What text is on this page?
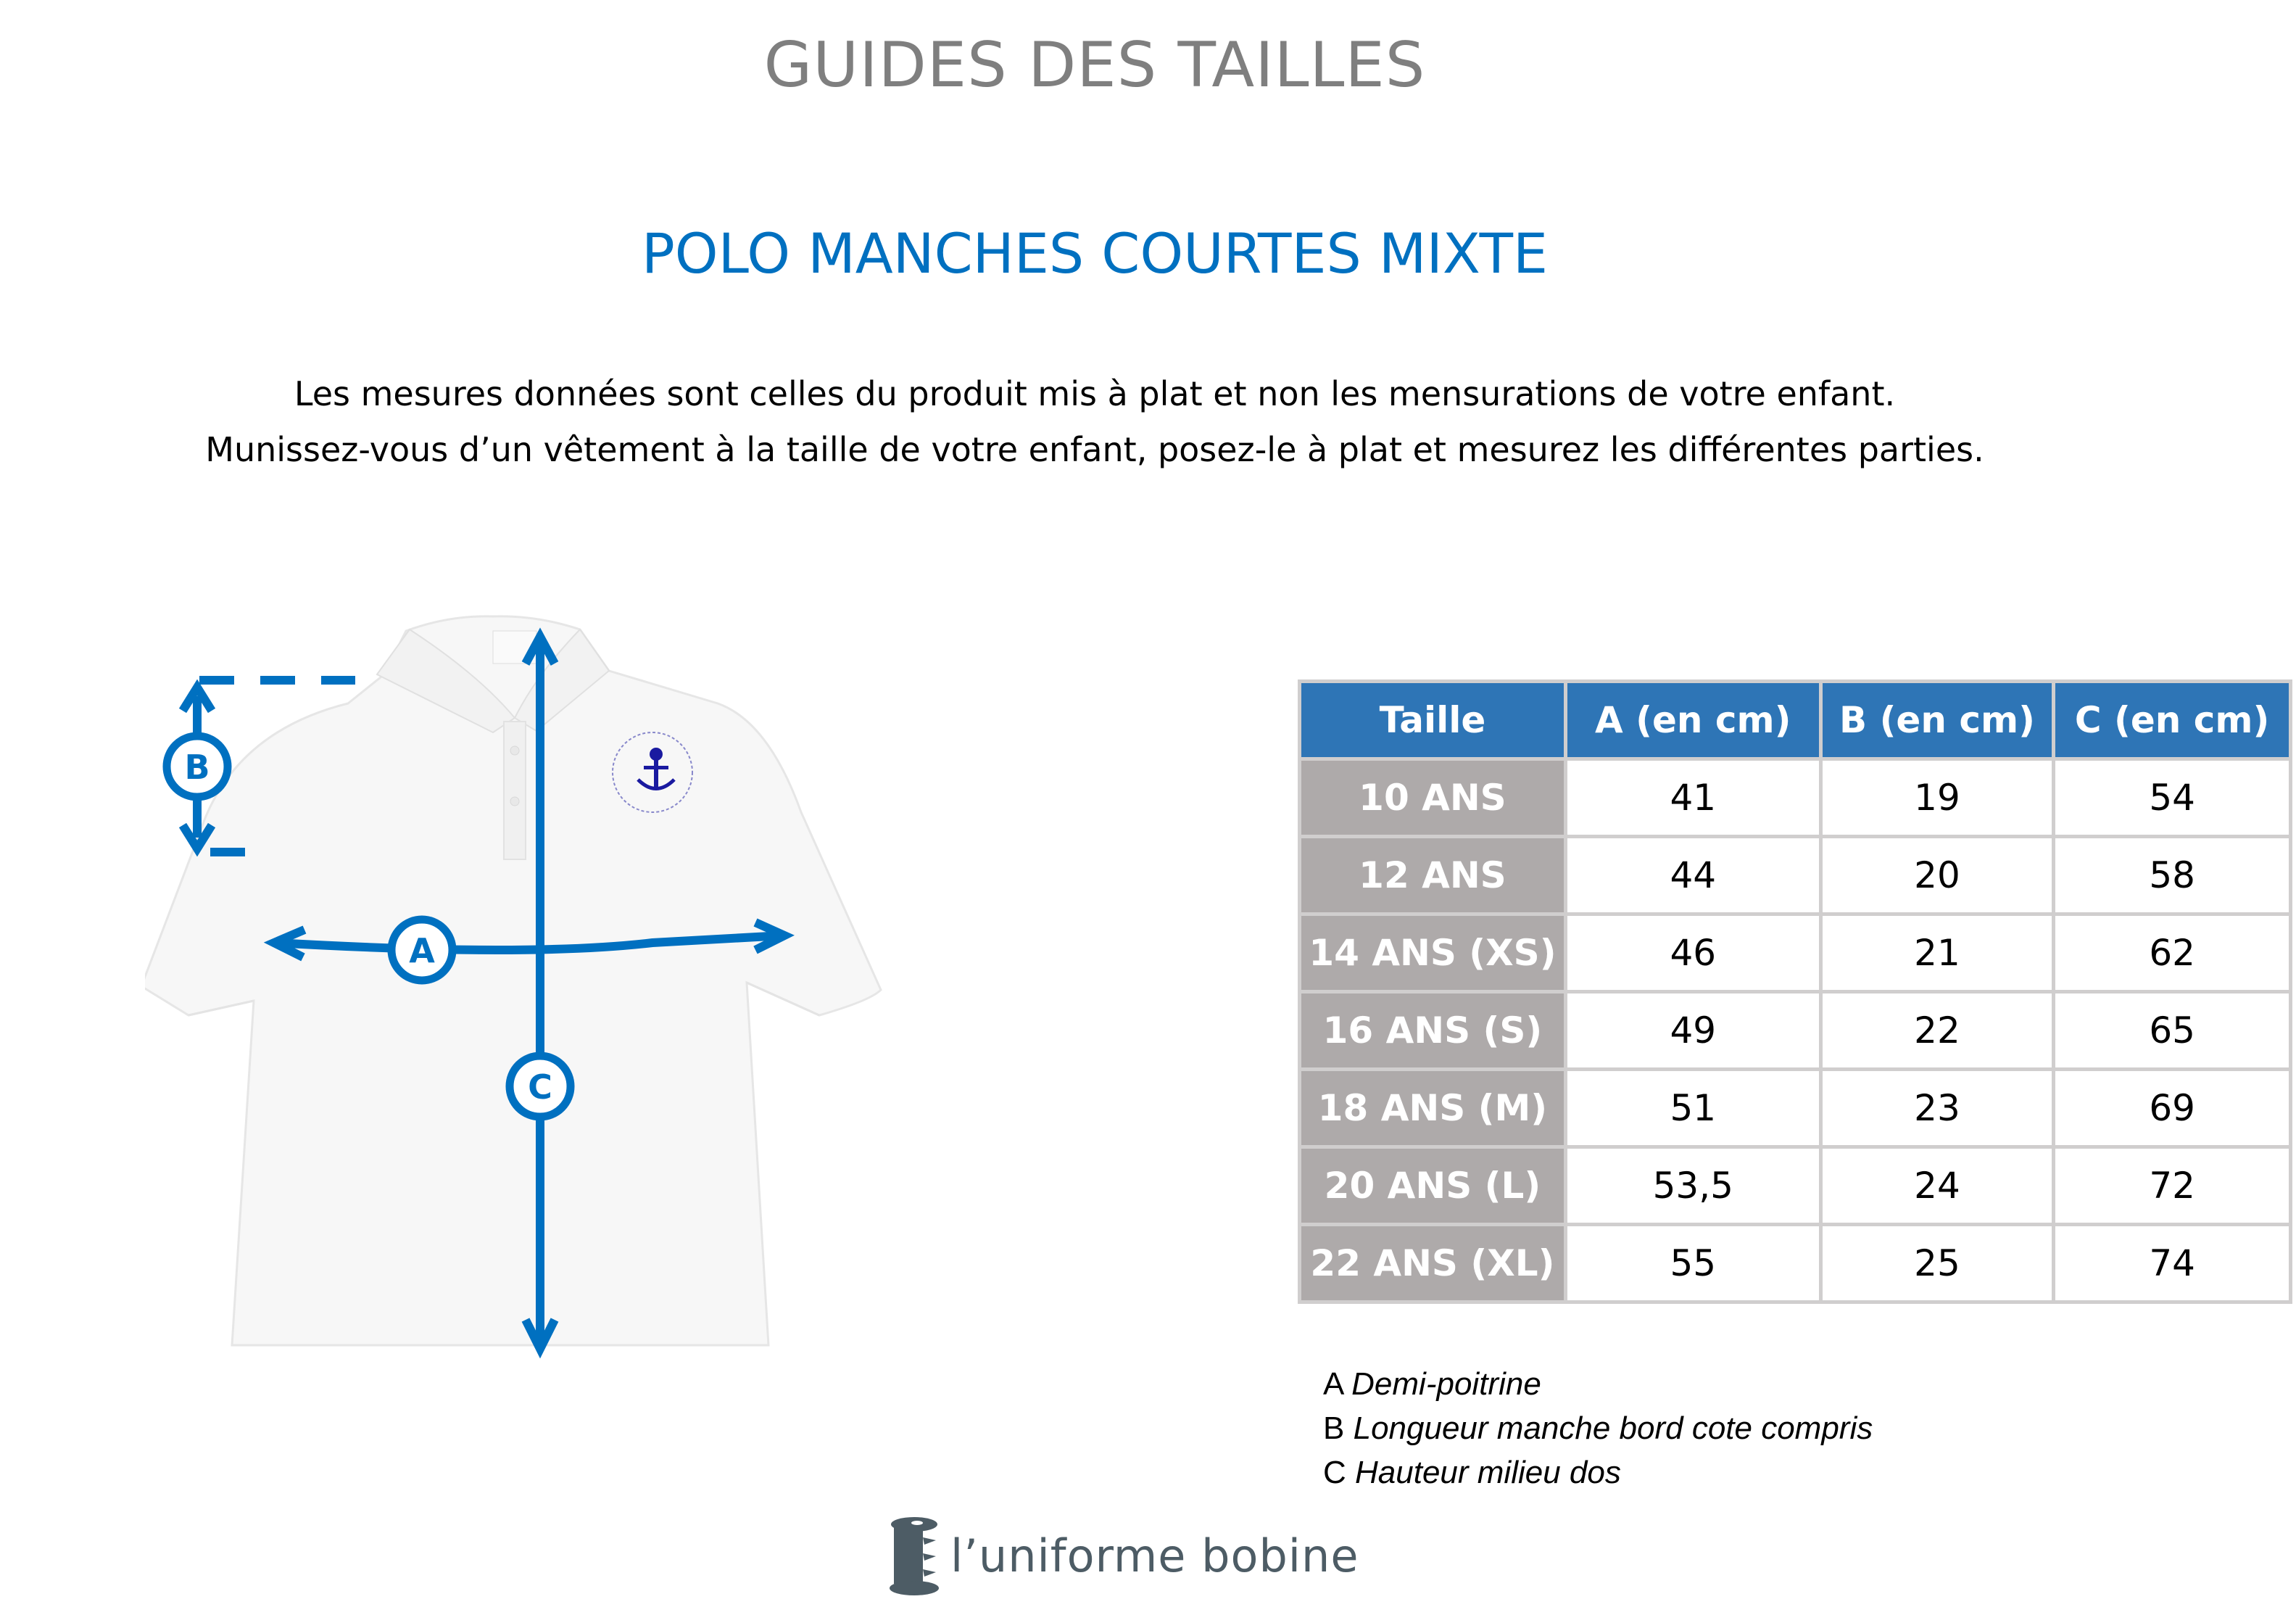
GUIDES DES TAILLES
POLO MANCHES COURTES MIXTE
Les mesures données sont celles du produit mis à plat et non les mensurations de votre enfant.
Munissez-vous d’un vêtement à la taille de votre enfant, posez-le à plat et mesurez les différentes parties.
B
A
C
Taille	A (en cm)	B (en cm)	C (en cm)
10 ANS	41	19	54
12 ANS	44	20	58
14 ANS (XS)	46	21	62
16 ANS (S)	49	22	65
18 ANS (M)	51	23	69
20 ANS (L)	53,5	24	72
22 ANS (XL)	55	25	74
A Demi-poitrine
B Longueur manche bord cote compris
C Hauteur milieu dos
l’uniforme bobine
